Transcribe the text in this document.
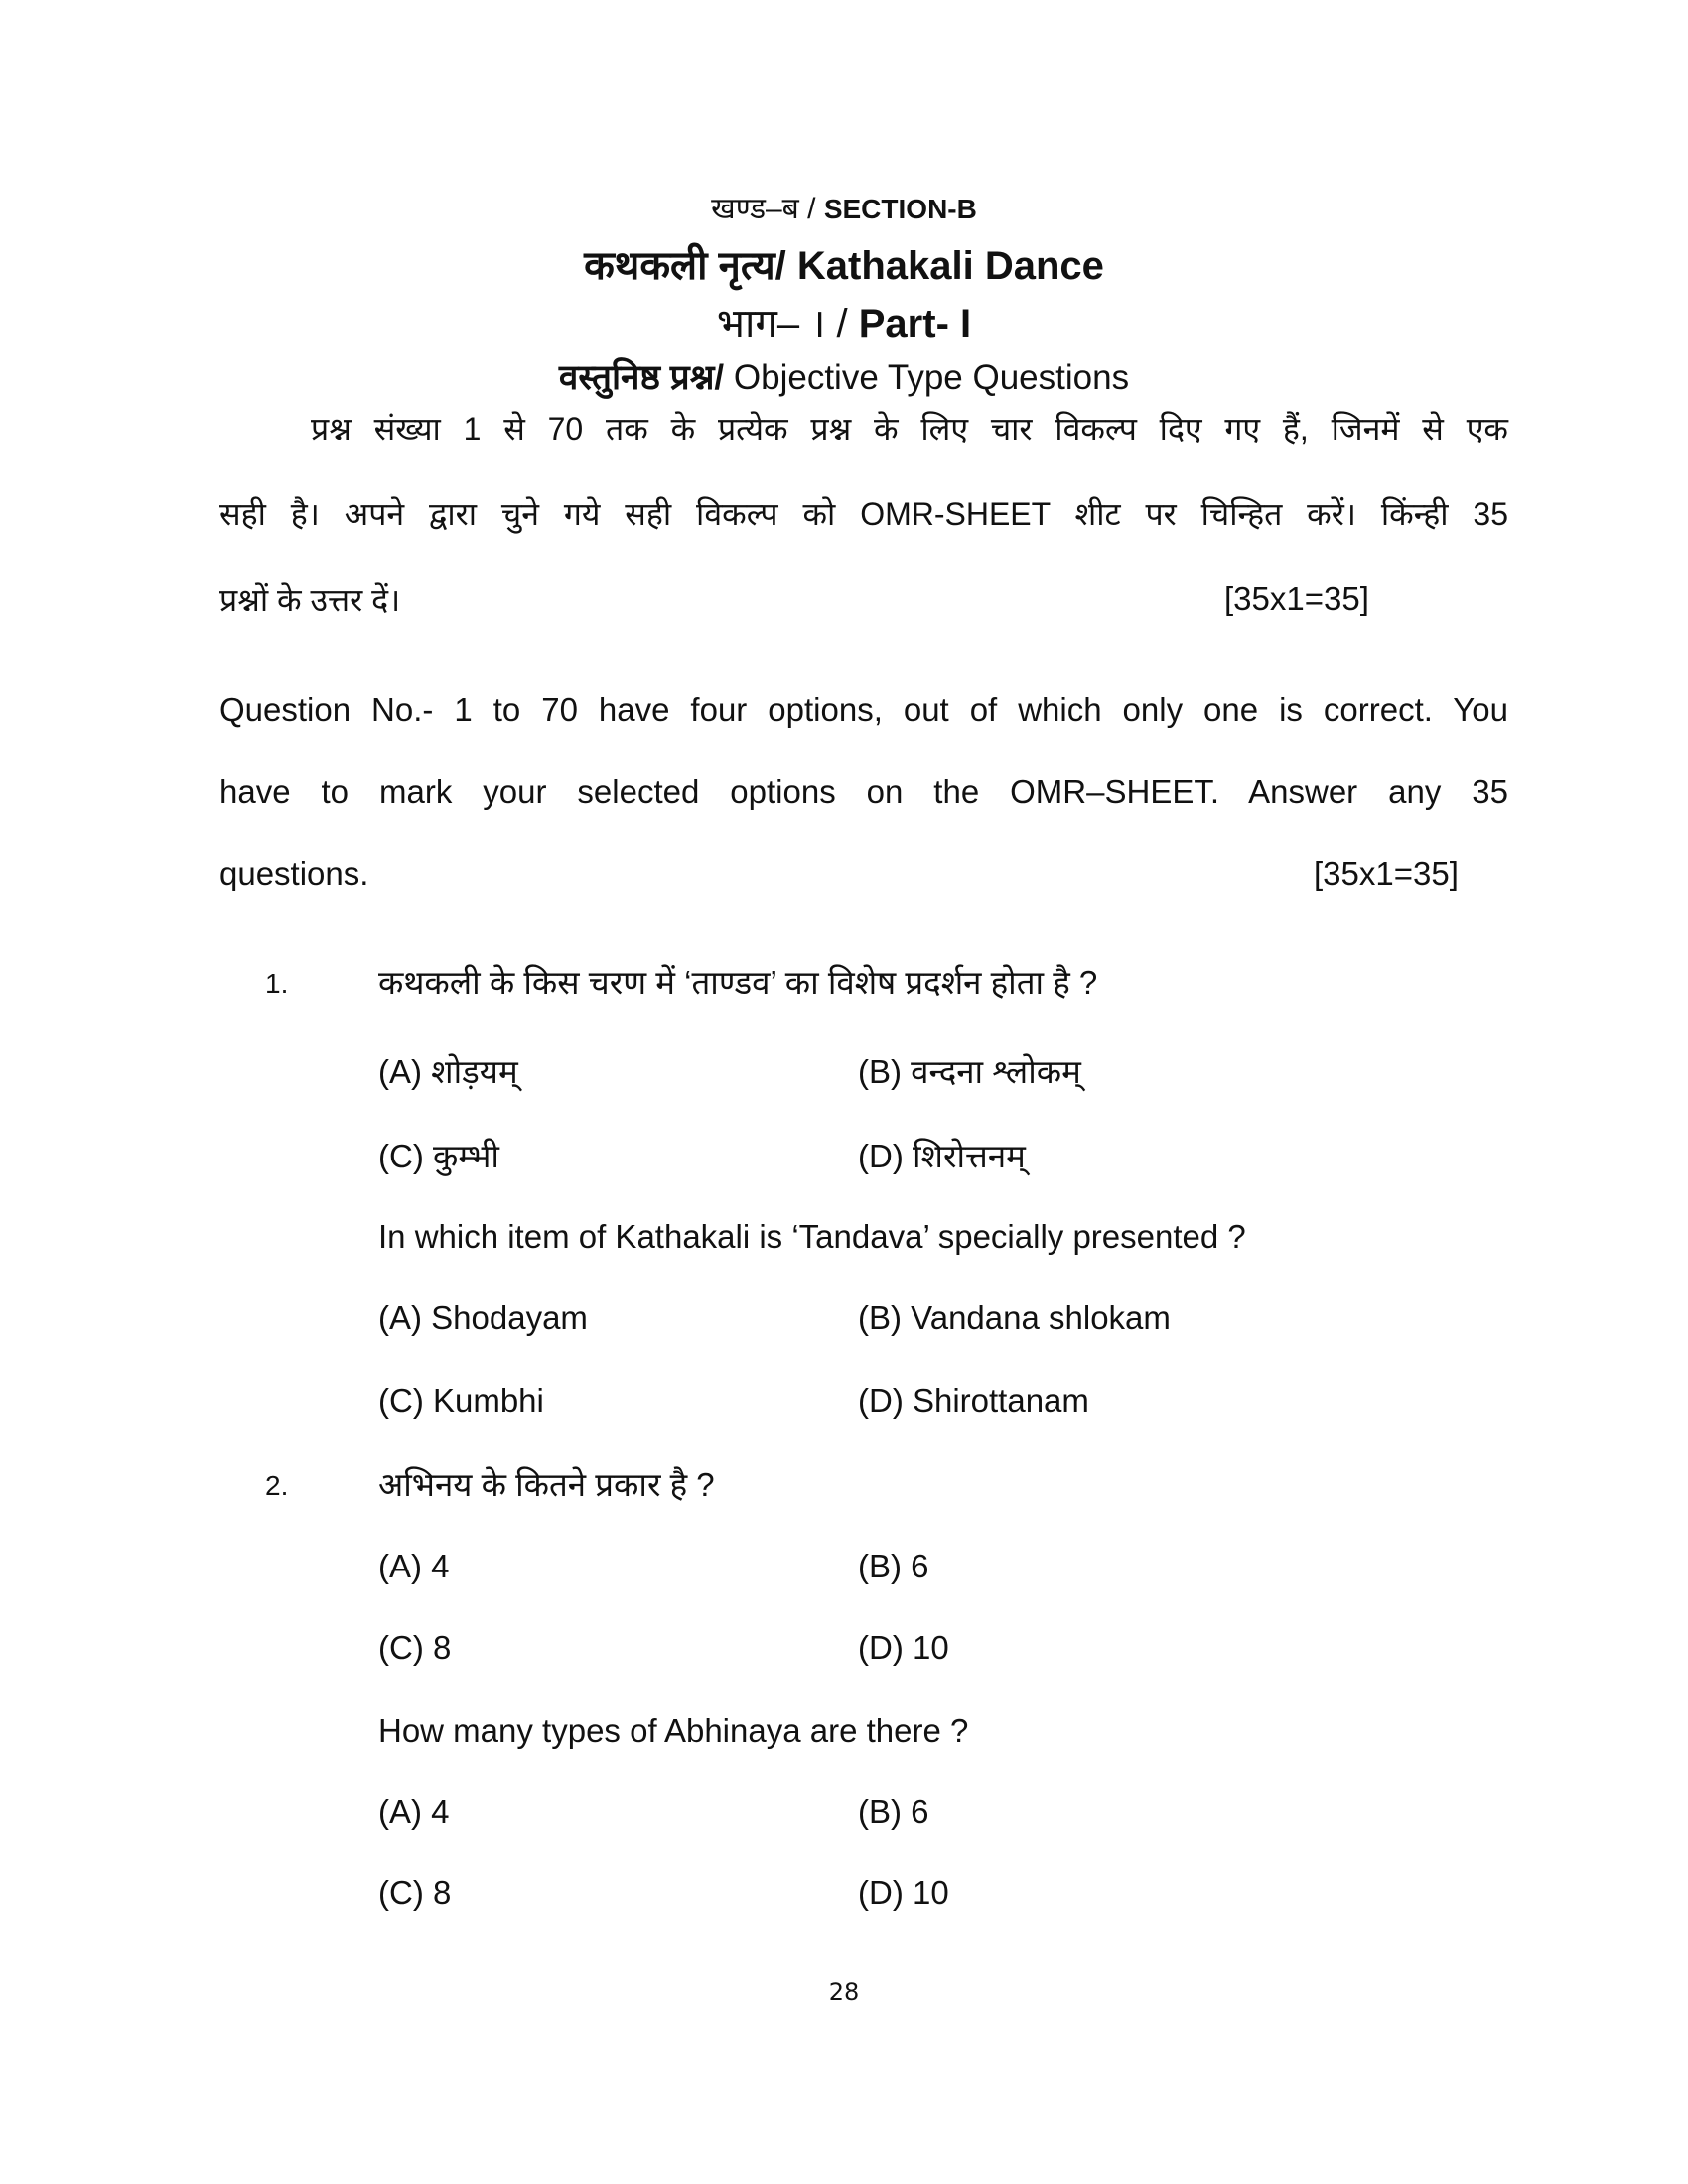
खण्ड–ब / SECTION-B
कथकली नृत्य/ Kathakali Dance
भाग– । / Part- I
वस्तुनिष्ठ प्रश्न/ Objective Type Questions
प्रश्न संख्या 1 से 70 तक के प्रत्येक प्रश्न के लिए चार विकल्प दिए गए हैं, जिनमें से एक
सही है। अपने द्वारा चुने गये सही विकल्प को OMR-SHEET शीट पर चिन्हित करें। किंन्ही 35
प्रश्नों के उत्तर दें।	[35x1=35]
Question No.- 1 to 70 have four options, out of which only one is correct. You
have to mark your selected options on the OMR–SHEET. Answer any 35
questions.	[35x1=35]
1.	कथकली के किस चरण में ‘ताण्डव’ का विशेष प्रदर्शन होता है ?
(A) शोड़यम्	(B) वन्दना श्लोकम्
(C) कुम्भी	(D) शिरोत्तनम्
In which item of Kathakali is ‘Tandava’ specially presented ?
(A) Shodayam	(B) Vandana shlokam
(C) Kumbhi	(D) Shirottanam
2.	अभिनय के कितने प्रकार है ?
(A) 4	(B) 6
(C) 8	(D) 10
How many types of Abhinaya are there ?
(A) 4	(B) 6
(C) 8	(D) 10
28
